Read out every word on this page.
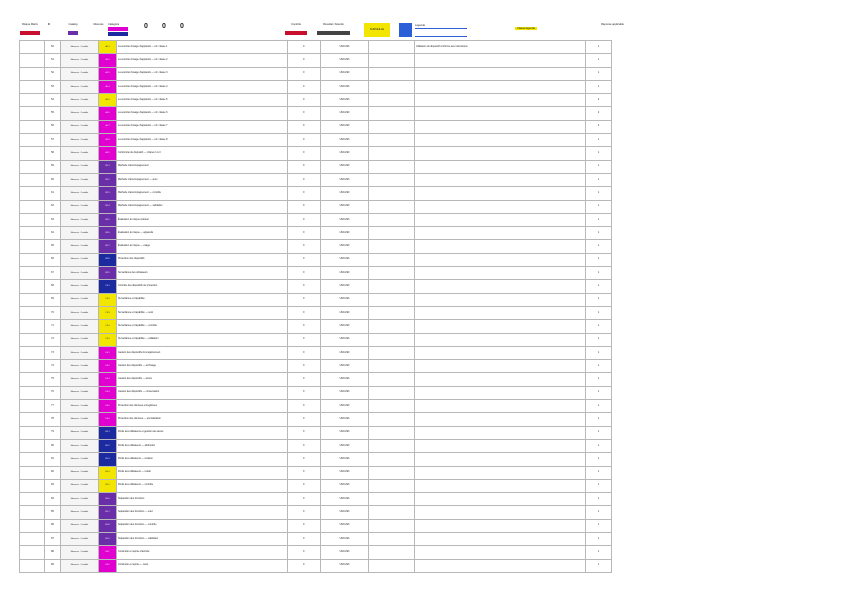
Risque Matrix	ID	Catalog	Mesures	Catégorie	0 0 0	Contrôle	Résultat / Attendu
SURVEILLE
Légende
Classe légende
Réponse applicable
	50	Menaces · Contrôle	A1.1	La sécurité d'usage d'appareils — réf. classe 1	F	UNCLSD		Utilisation du dispositif conforme aux instructions	1
	51	Menaces · Contrôle	A1.2	La sécurité d'usage d'appareils — réf. classe 2	F	UNCLSD			1
	52	Menaces · Contrôle	A1.3	La sécurité d'usage d'appareils — réf. classe 3	F	UNCLSD			1
	53	Menaces · Contrôle	A1.4	La sécurité d'usage d'appareils — réf. classe 4	F	UNCLSD			1
	54	Menaces · Contrôle	A1.5	La sécurité d'usage d'appareils — réf. classe 5	F	UNCLSD			2
	55	Menaces · Contrôle	A1.6	La sécurité d'usage d'appareils — réf. classe 6	F	UNCLSD			2
	56	Menaces · Contrôle	A1.7	La sécurité d'usage d'appareils — réf. classe 7	F	UNCLSD			2
	57	Menaces · Contrôle	A1.8	La sécurité d'usage d'appareils — réf. classe 8	F	UNCLSD			1
	58	Menaces · Contrôle	A1.9	Conformité du dispositif — critères 1 à 3	F	UNCLSD			1
	59	Menaces · Contrôle	B2.1	Méthode d'accompagnement	F	UNCLSD			1
	60	Menaces · Contrôle	B2.2	Méthode d'accompagnement — suivi	F	UNCLSD			1
	61	Menaces · Contrôle	B2.3	Méthode d'accompagnement — contrôle	F	UNCLSD			1
	62	Menaces · Contrôle	B2.4	Méthode d'accompagnement — validation	F	UNCLSD			1
	63	Menaces · Contrôle	B2.5	Évaluation du risque résiduel	F	UNCLSD			1
	64	Menaces · Contrôle	B2.6	Évaluation du risque — appareils	F	UNCLSD			1
	65	Menaces · Contrôle	B2.7	Évaluation du risque — usage	F	UNCLSD			1
	66	Menaces · Contrôle	B2.8	Protection des dispositifs	F	UNCLSD			1
	67	Menaces · Contrôle	B2.9	Surveillance des utilisateurs	F	UNCLSD			1
	68	Menaces · Contrôle	C3.1	Contrôle des dispositifs de protection	F	UNCLSD			1
	69	Menaces · Contrôle	C3.2	Surveillance et traçabilité	F	UNCLSD			1
	70	Menaces · Contrôle	C3.3	Surveillance et traçabilité — suivi	F	UNCLSD			1
	71	Menaces · Contrôle	C3.4	Surveillance et traçabilité — contrôle	F	UNCLSD			1
	72	Menaces · Contrôle	C3.5	Surveillance et traçabilité — validation	F	UNCLSD			1
	73	Menaces · Contrôle	D4.1	Gestion des dispositifs d'enregistrement	F	UNCLSD			1
	74	Menaces · Contrôle	D4.2	Gestion des dispositifs — archivage	F	UNCLSD			1
	75	Menaces · Contrôle	D4.3	Gestion des dispositifs — accès	F	UNCLSD			1
	76	Menaces · Contrôle	D4.4	Gestion des dispositifs — conservation	F	UNCLSD			1
	77	Menaces · Contrôle	D4.5	Protection des données enregistrées	F	UNCLSD			1
	78	Menaces · Contrôle	D4.6	Protection des données — journalisation	F	UNCLSD			1
	79	Menaces · Contrôle	E5.1	Droits des utilisateurs et gestion des accès	F	UNCLSD			1
	80	Menaces · Contrôle	E5.2	Droits des utilisateurs — attribution	F	UNCLSD			1
	81	Menaces · Contrôle	E5.3	Droits des utilisateurs — révision	F	UNCLSD			1
	82	Menaces · Contrôle	E5.4	Droits des utilisateurs — retrait	F	UNCLSD			1
	83	Menaces · Contrôle	E5.5	Droits des utilisateurs — contrôle	F	UNCLSD			1
	84	Menaces · Contrôle	E5.6	Séparation des fonctions	F	UNCLSD			1
	85	Menaces · Contrôle	E5.7	Séparation des fonctions — suivi	F	UNCLSD			1
	86	Menaces · Contrôle	E5.8	Séparation des fonctions — contrôle	F	UNCLSD			1
	87	Menaces · Contrôle	E5.9	Séparation des fonctions — validation	F	UNCLSD			1
	88	Menaces · Contrôle	F6.1	Continuité et reprise d'activité	F	UNCLSD			1
	89	Menaces · Contrôle	F6.2	Continuité et reprise — tests	F	UNCLSD			1
